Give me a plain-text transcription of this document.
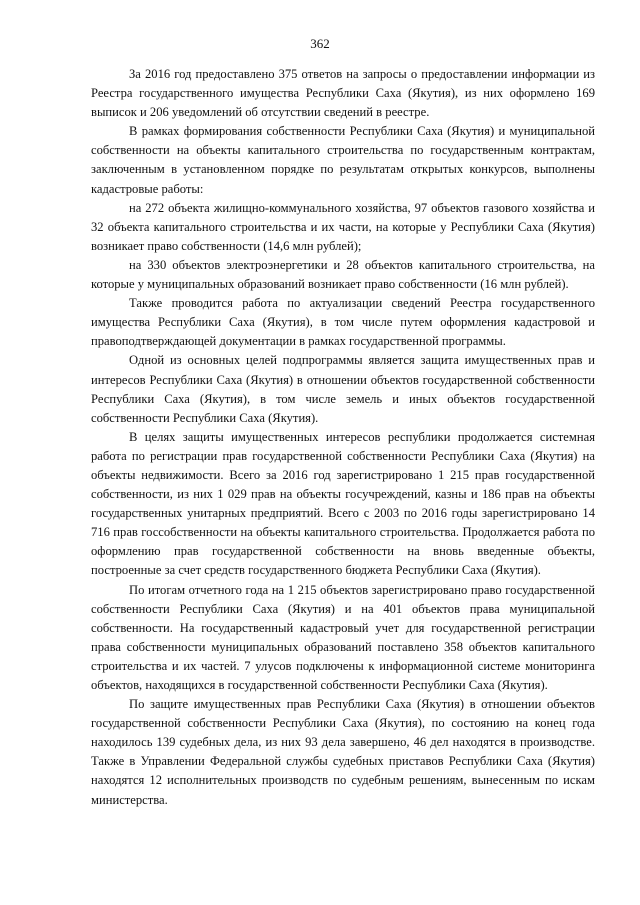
362

За 2016 год предоставлено 375 ответов на запросы о предоставлении информации из Реестра государственного имущества Республики Саха (Якутия), из них оформлено 169 выписок и 206 уведомлений об отсутствии сведений в реестре.

В рамках формирования собственности Республики Саха (Якутия) и муниципальной собственности на объекты капитального строительства по государственным контрактам, заключенным в установленном порядке по результатам открытых конкурсов, выполнены кадастровые работы:

на 272 объекта жилищно-коммунального хозяйства, 97 объектов газового хозяйства и 32 объекта капитального строительства и их части, на которые у Республики Саха (Якутия) возникает право собственности (14,6 млн рублей);

на 330 объектов электроэнергетики и 28 объектов капитального строительства, на которые у муниципальных образований возникает право собственности (16 млн рублей).

Также проводится работа по актуализации сведений Реестра государственного имущества Республики Саха (Якутия), в том числе путем оформления кадастровой и правоподтверждающей документации в рамках государственной программы.

Одной из основных целей подпрограммы является защита имущественных прав и интересов Республики Саха (Якутия) в отношении объектов государственной собственности Республики Саха (Якутия), в том числе земель и иных объектов государственной собственности Республики Саха (Якутия).

В целях защиты имущественных интересов республики продолжается системная работа по регистрации прав государственной собственности Республики Саха (Якутия) на объекты недвижимости. Всего за 2016 год зарегистрировано 1 215 прав государственной собственности, из них 1 029 прав на объекты госучреждений, казны и 186 прав на объекты государственных унитарных предприятий. Всего с 2003 по 2016 годы зарегистрировано 14 716 прав госсобственности на объекты капитального строительства. Продолжается работа по оформлению прав государственной собственности на вновь введенные объекты, построенные за счет средств государственного бюджета Республики Саха (Якутия).

По итогам отчетного года на 1 215 объектов зарегистрировано право государственной собственности Республики Саха (Якутия) и на 401 объектов права муниципальной собственности. На государственный кадастровый учет для государственной регистрации права собственности муниципальных образований поставлено 358 объектов капитального строительства и их частей. 7 улусов подключены к информационной системе мониторинга объектов, находящихся в государственной собственности Республики Саха (Якутия).

По защите имущественных прав Республики Саха (Якутия) в отношении объектов государственной собственности Республики Саха (Якутия), по состоянию на конец года находилось 139 судебных дела, из них 93 дела завершено, 46 дел находятся в производстве. Также в Управлении Федеральной службы судебных приставов Республики Саха (Якутия) находятся 12 исполнительных производств по судебным решениям, вынесенным по искам министерства.
